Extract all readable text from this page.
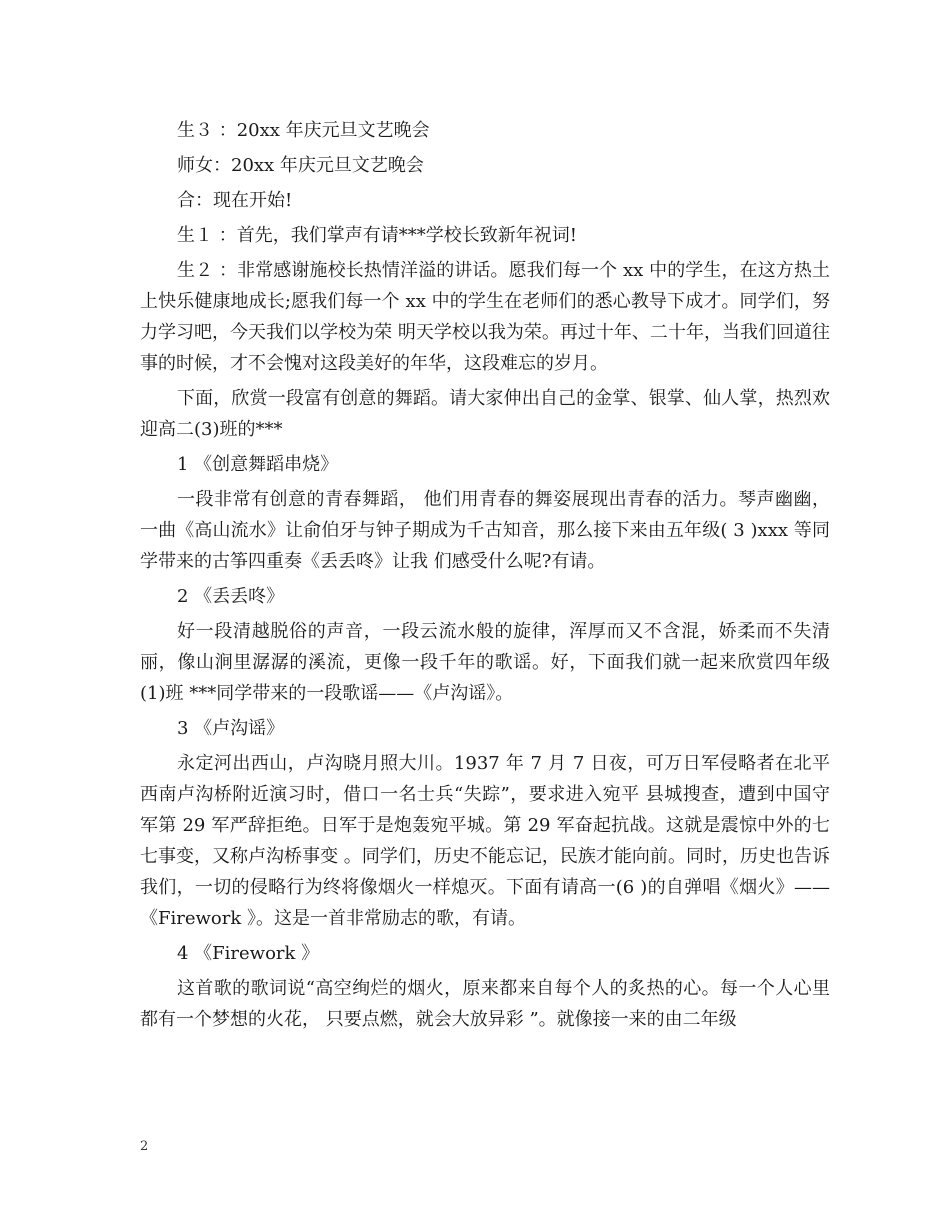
生３ ：20xx 年庆元旦文艺晚会

师女：20xx 年庆元旦文艺晚会

合：现在开始!

生１ ：首先，我们掌声有请***学校长致新年祝词!

生２ ：非常感谢施校长热情洋溢的讲话。愿我们每一个 xx 中的学生，在这方热土上快乐健康地成长;愿我们每一个 xx 中的学生在老师们的悉心教导下成才。同学们，努力学习吧，今天我们以学校为荣 明天学校以我为荣。再过十年、二十年，当我们回道往事的时候，才不会愧对这段美好的年华，这段难忘的岁月。

下面，欣赏一段富有创意的舞蹈。请大家伸出自己的金掌、银掌、仙人掌，热烈欢迎高二(3)班的***

1 《创意舞蹈串烧》

一段非常有创意的青春舞蹈， 他们用青春的舞姿展现出青春的活力。琴声幽幽，一曲《高山流水》让俞伯牙与钟子期成为千古知音，那么接下来由五年级( 3 )xxx 等同学带来的古筝四重奏《丢丢咚》让我 们感受什么呢?有请。

2 《丢丢咚》

好一段清越脱俗的声音，一段云流水般的旋律，浑厚而又不含混，娇柔而不失清丽，像山涧里潺潺的溪流，更像一段千年的歌谣。好，下面我们就一起来欣赏四年级(1)班 ***同学带来的一段歌谣——《卢沟谣》。

3 《卢沟谣》

永定河出西山，卢沟晓月照大川。1937 年 7 月 7 日夜，可万日军侵略者在北平西南卢沟桥附近演习时，借口一名士兵“失踪”，要求进入宛平 县城搜查，遭到中国守军第 29 军严辞拒绝。日军于是炮轰宛平城。第 29 军奋起抗战。这就是震惊中外的七七事变，又称卢沟桥事变 。同学们，历史不能忘记，民族才能向前。同时，历史也告诉我们，一切的侵略行为终将像烟火一样熄灭。下面有请高一(6 )的自弹唱《烟火》——《Firework 》。这是一首非常励志的歌，有请。

4 《Firework 》

这首歌的歌词说“高空绚烂的烟火，原来都来自每个人的炙热的心。每一个人心里都有一个梦想的火花， 只要点燃，就会大放异彩 ”。就像接一来的由二年级

2
